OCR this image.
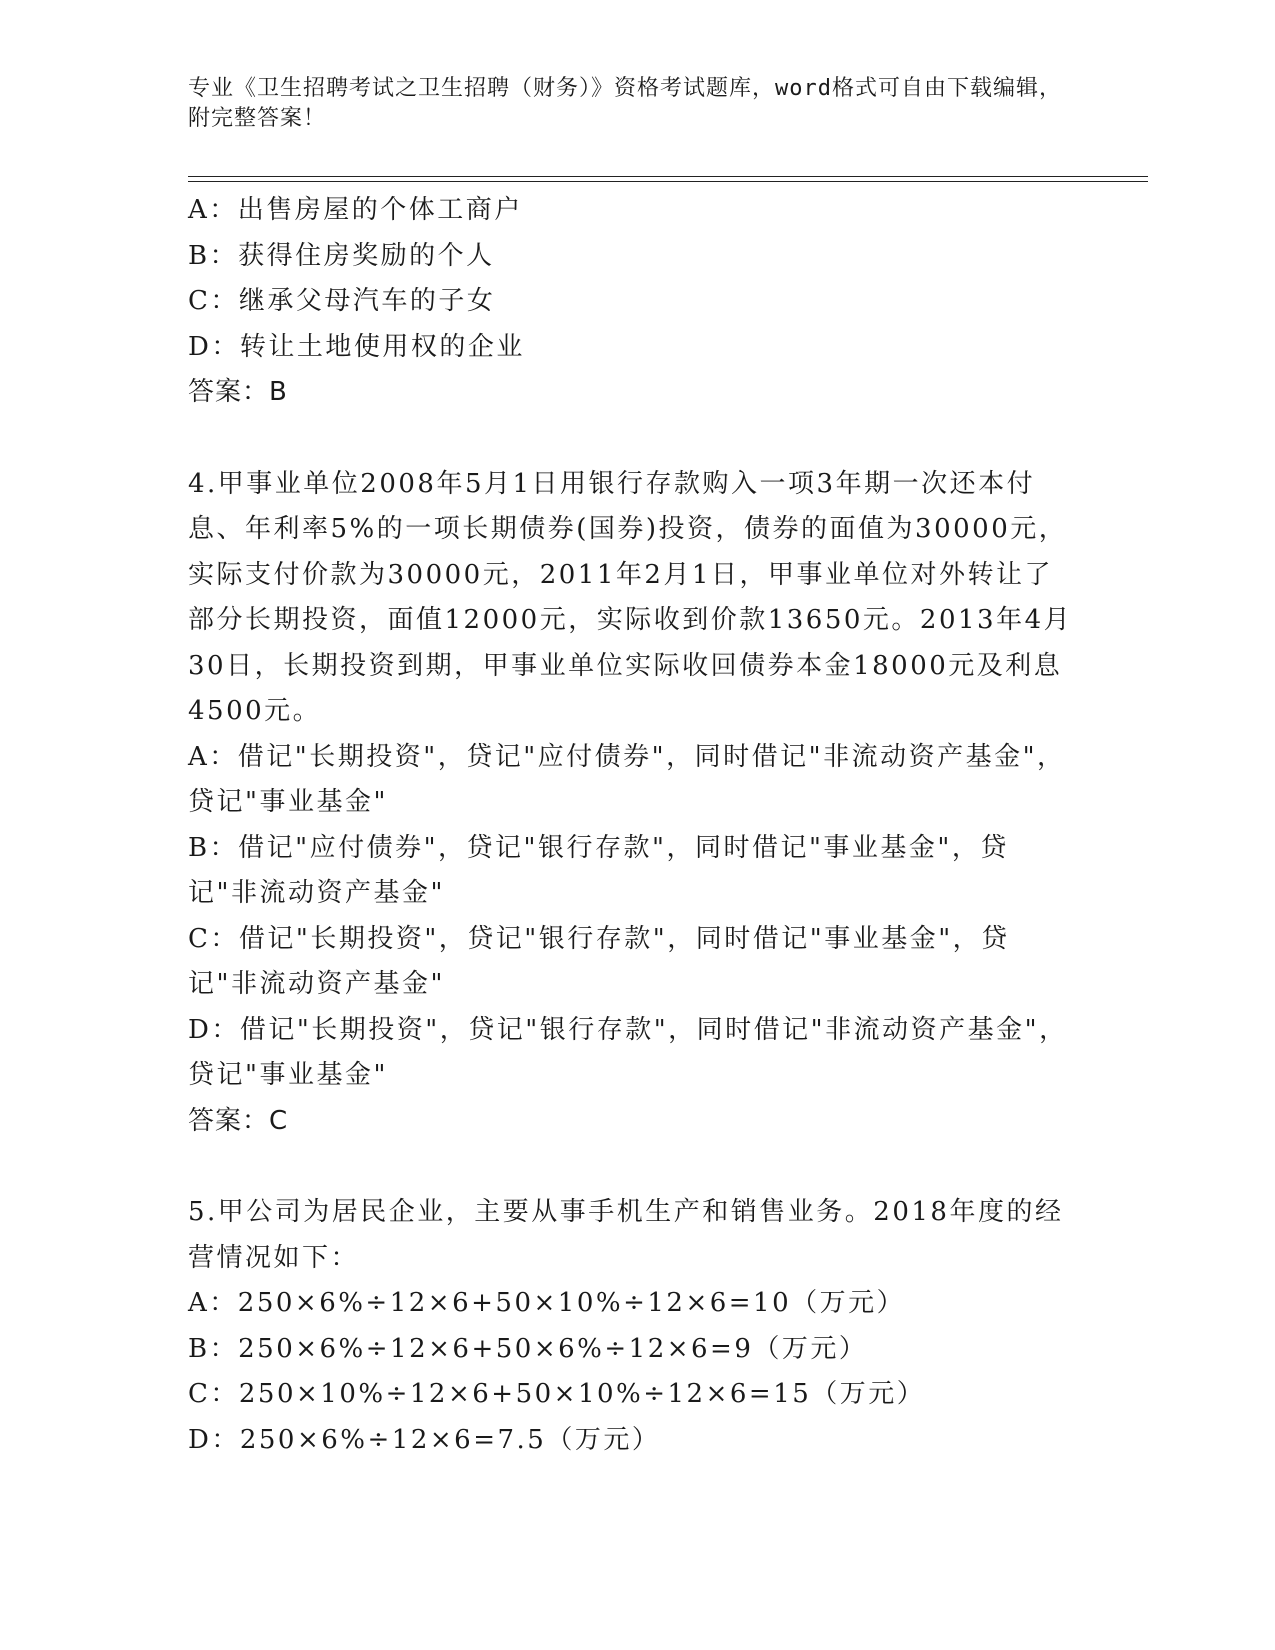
专业《卫生招聘考试之卫生招聘（财务）》资格考试题库，word格式可自由下载编辑，附完整答案！

A：出售房屋的个体工商户

B：获得住房奖励的个人

C：继承父母汽车的子女

D：转让土地使用权的企业

答案：B

4.甲事业单位2008年5月1日用银行存款购入一项3年期一次还本付息、年利率5%的一项长期债券(国券)投资，债券的面值为30000元，实际支付价款为30000元，2011年2月1日，甲事业单位对外转让了部分长期投资，面值12000元，实际收到价款13650元。2013年4月30日，长期投资到期，甲事业单位实际收回债券本金18000元及利息4500元。

A：借记"长期投资"，贷记"应付债券"，同时借记"非流动资产基金"，贷记"事业基金"

B：借记"应付债券"，贷记"银行存款"，同时借记"事业基金"，贷记"非流动资产基金"

C：借记"长期投资"，贷记"银行存款"，同时借记"事业基金"，贷记"非流动资产基金"

D：借记"长期投资"，贷记"银行存款"，同时借记"非流动资产基金"，贷记"事业基金"

答案：C

5.甲公司为居民企业，主要从事手机生产和销售业务。2018年度的经营情况如下：

A：250×6%÷12×6+50×10%÷12×6=10（万元）

B：250×6%÷12×6+50×6%÷12×6=9（万元）

C：250×10%÷12×6+50×10%÷12×6=15（万元）

D：250×6%÷12×6=7.5（万元）
